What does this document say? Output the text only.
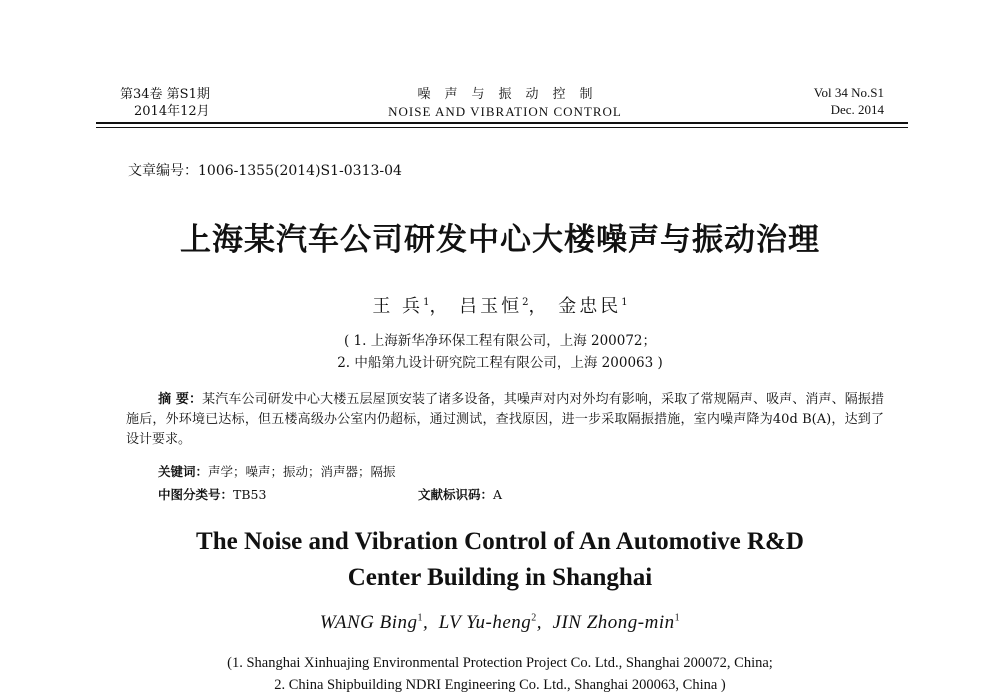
第34卷 第S1期
2014年12月
噪声与振动控制
NOISE AND VIBRATION CONTROL
Vol 34 No.S1
Dec. 2014
文章编号：1006-1355(2014)S1-0313-04
上海某汽车公司研发中心大楼噪声与振动治理
王 兵$^1$， 吕玉恒$^2$， 金忠民$^1$
( 1. 上海新华净环保工程有限公司，上海 200072；
2. 中船第九设计研究院工程有限公司，上海 200063 )
摘 要：某汽车公司研发中心大楼五层屋顶安装了诸多设备，其噪声对内对外均有影响，采取了常规隔声、吸声、消声、隔振措施后，外环境已达标，但五楼高级办公室内仍超标，通过测试，查找原因，进一步采取隔振措施，室内噪声降为40d B(A)，达到了设计要求。
关键词：声学；噪声；振动；消声器；隔振
中图分类号：TB53	文献标识码：A
The Noise and Vibration Control of An Automotive R&D
Center Building in Shanghai
WANG Bing$^1$,  LV Yu-heng$^2$,  JIN Zhong-$\min^1$
(1. Shanghai Xinhuajing Environmental Protection Project Co. Ltd., Shanghai 200072, China;
2. China Shipbuilding NDRI Engineering Co. Ltd., Shanghai 200063, China )
